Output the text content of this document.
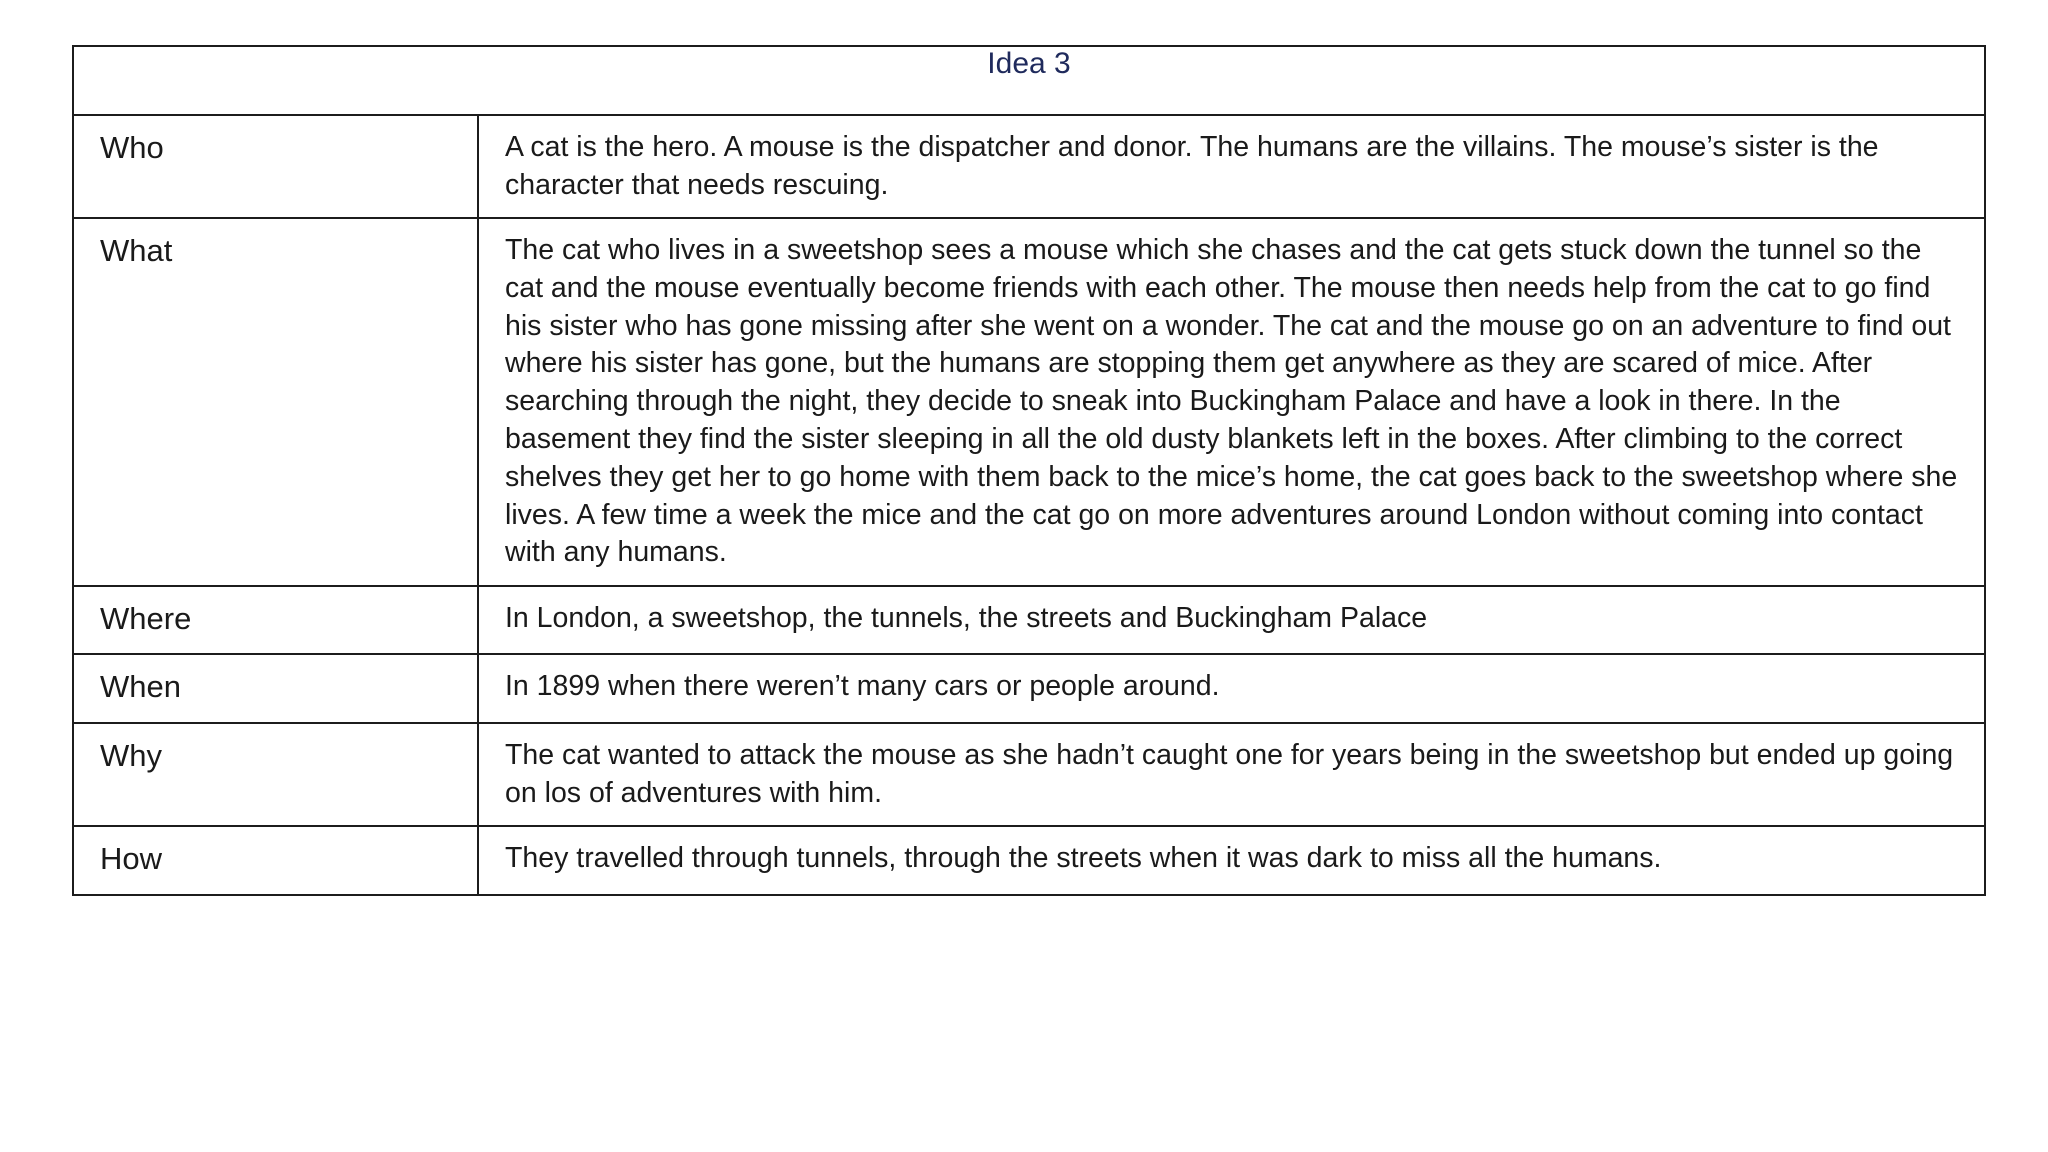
Idea 3	
Who	A cat is the hero. A mouse is the dispatcher and donor. The humans are the villains. The mouse’s sister is the character that needs rescuing.
What	The cat who lives in a sweetshop sees a mouse which she chases and the cat gets stuck down the tunnel so the cat and the mouse eventually become friends with each other. The mouse then needs help from the cat to go find his sister who has gone missing after she went on a wonder. The cat and the mouse go on an adventure to find out where his sister has gone, but the humans are stopping them get anywhere as they are scared of mice. After searching through the night, they decide to sneak into Buckingham Palace and have a look in there. In the basement they find the sister sleeping in all the old dusty blankets left in the boxes. After climbing to the correct shelves they get her to go home with them back to the mice’s home, the cat goes back to the sweetshop where she lives. A few time a week the mice and the cat go on more adventures around London without coming into contact with any humans.
Where	In London, a sweetshop, the tunnels, the streets and Buckingham Palace
When	In 1899 when there weren’t many cars or people around.
Why	The cat wanted to attack the mouse as she hadn’t caught one for years being in the sweetshop but ended up going on los of adventures with him.
How	They travelled through tunnels, through the streets when it was dark to miss all the humans.
